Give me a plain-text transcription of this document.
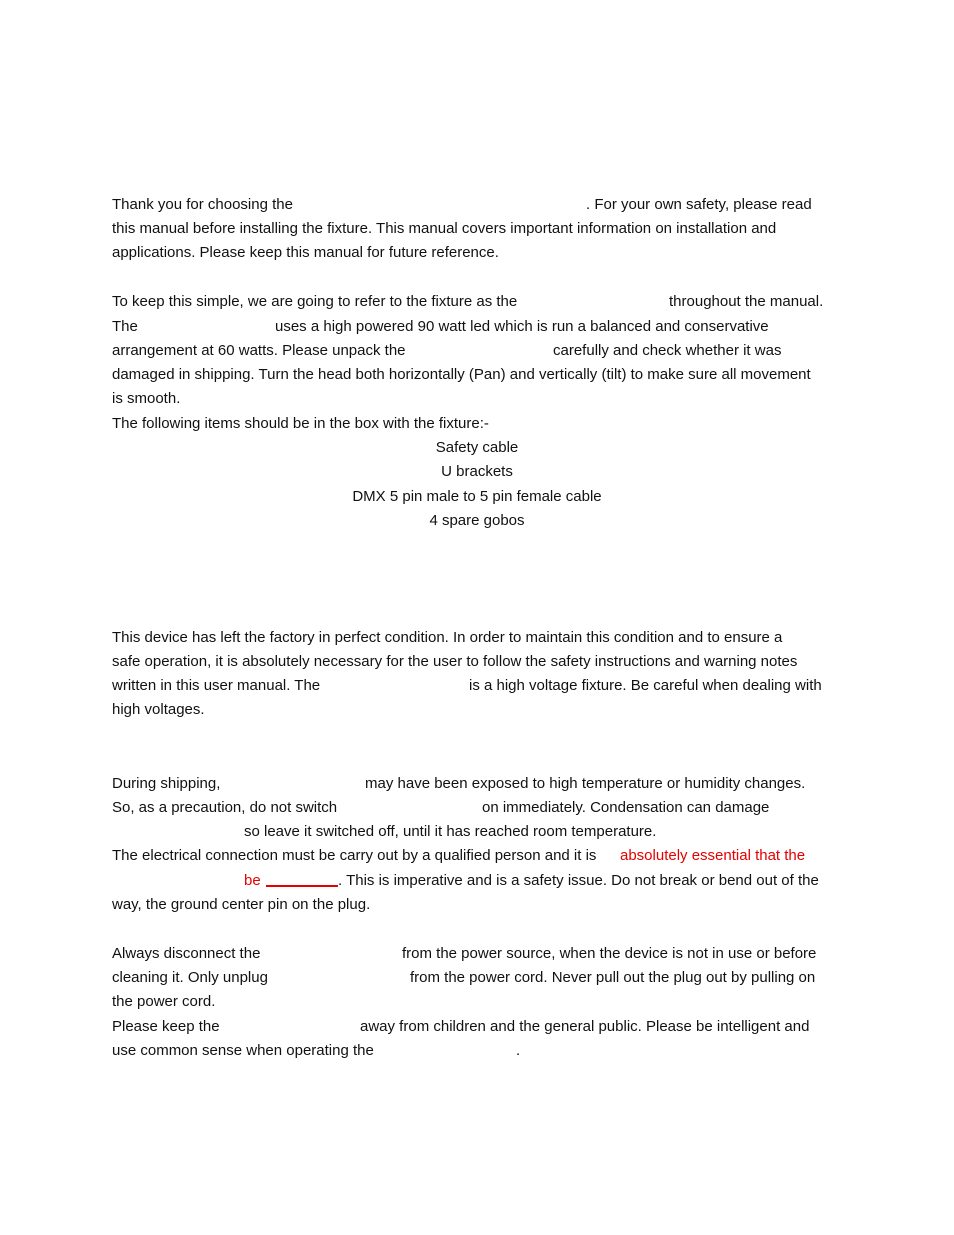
Thank you for choosing the	. For your own safety, please read
this manual before installing the fixture. This manual covers important information on installation and
applications. Please keep this manual for future reference.
To keep this simple, we are going to refer to the fixture as the	throughout the manual.
The	uses a high powered 90 watt led which is run a balanced and conservative
arrangement at 60 watts. Please unpack the	carefully and check whether it was
damaged in shipping. Turn the head both horizontally (Pan) and vertically (tilt) to make sure all movement
is smooth.
The following items should be in the box with the fixture:-
Safety cable
U brackets
DMX 5 pin male to 5 pin female cable
4 spare gobos
This device has left the factory in perfect condition. In order to maintain this condition and to ensure a
safe operation, it is absolutely necessary for the user to follow the safety instructions and warning notes
written in this user manual. The	is a high voltage fixture. Be careful when dealing with
high voltages.
During shipping,	may have been exposed to high temperature or humidity changes.
So, as a precaution, do not switch	on immediately. Condensation can damage
so leave it switched off, until it has reached room temperature.
The electrical connection must be carry out by a qualified person and it is absolutely essential that the
be	. This is imperative and is a safety issue. Do not break or bend out of the
way, the ground center pin on the plug.
Always disconnect the	from the power source, when the device is not in use or before
cleaning it. Only unplug	from the power cord. Never pull out the plug out by pulling on
the power cord.
Please keep the	away from children and the general public. Please be intelligent and
use common sense when operating the	.
